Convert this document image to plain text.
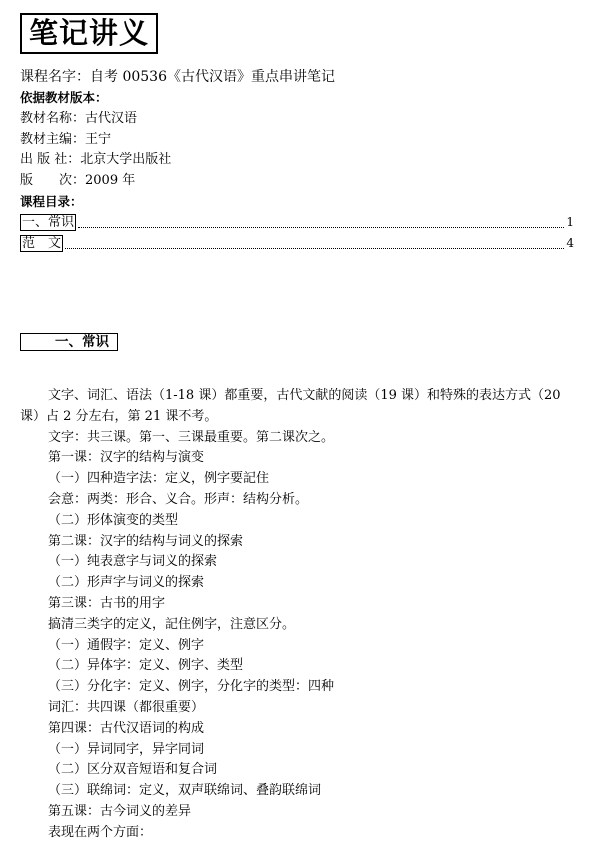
笔记讲义
课程名字：自考 00536《古代汉语》重点串讲笔记
依据教材版本：
教材名称：古代汉语
教材主编：王宁
出 版 社：北京大学出版社
版　　次：2009 年
课程目录：
一、常识	1
范　文	4
一、常识
文字、词汇、语法（1-18 课）都重要，古代文献的阅读（19 课）和特殊的表达方式（20 课）占 2 分左右，第 21 课不考。
文字：共三课。第一、三课最重要。第二课次之。
第一课：汉字的结构与演变
（一）四种造字法：定义，例字要記住
会意：两类：形合、义合。形声：结构分析。
（二）形体演变的类型
第二课：汉字的结构与词义的探索
（一）纯表意字与词义的探索
（二）形声字与词义的探索
第三课：古书的用字
搞清三类字的定义，記住例字，注意区分。
（一）通假字：定义、例字
（二）异体字：定义、例字、类型
（三）分化字：定义、例字，分化字的类型：四种
词汇：共四课（都很重要）
第四课：古代汉语词的构成
（一）异词同字，异字同词
（二）区分双音短语和复合词
（三）联绵词：定义，双声联绵词、叠韵联绵词
第五课：古今词义的差异
表现在两个方面：
